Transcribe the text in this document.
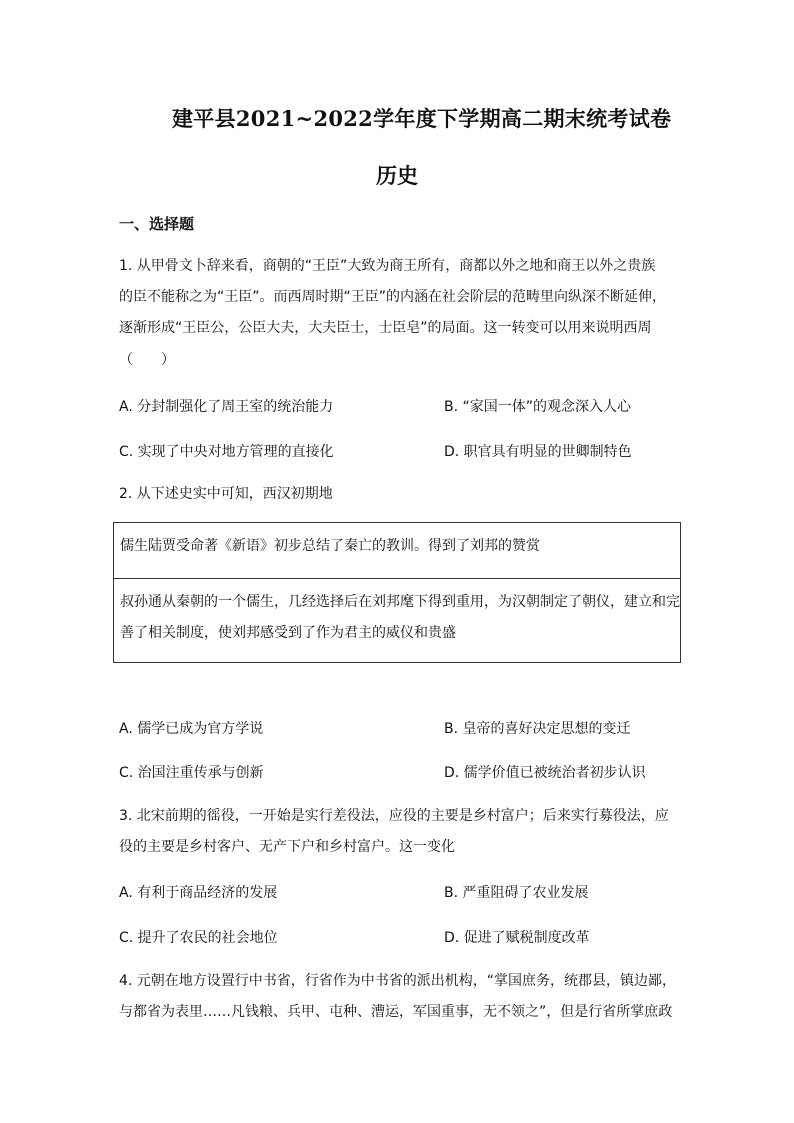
建平县2021~2022学年度下学期高二期末统考试卷
历史
一、选择题
1. 从甲骨文卜辞来看，商朝的“王臣”大致为商王所有，商都以外之地和商王以外之贵族
的臣不能称之为“王臣”。而西周时期“王臣”的内涵在社会阶层的范畴里向纵深不断延伸，
逐渐形成“王臣公，公臣大夫，大夫臣士，士臣皂”的局面。这一转变可以用来说明西周
（　　）
A. 分封制强化了周王室的统治能力	B. “家国一体”的观念深入人心
C. 实现了中央对地方管理的直接化	D. 职官具有明显的世卿制特色
2. 从下述史实中可知，西汉初期地
儒生陆贾受命著《新语》初步总结了秦亡的教训。得到了刘邦的赞赏
叔孙通从秦朝的一个儒生，几经选择后在刘邦麾下得到重用，为汉朝制定了朝仪，建立和完
善了相关制度，使刘邦感受到了作为君主的威仪和贵盛
A. 儒学已成为官方学说	B. 皇帝的喜好决定思想的变迁
C. 治国注重传承与创新	D. 儒学价值已被统治者初步认识
3. 北宋前期的徭役，一开始是实行差役法，应役的主要是乡村富户；后来实行募役法，应
役的主要是乡村客户、无产下户和乡村富户。这一变化
A. 有利于商品经济的发展	B. 严重阻碍了农业发展
C. 提升了农民的社会地位	D. 促进了赋税制度改革
4. 元朝在地方设置行中书省，行省作为中书省的派出机构，“掌国庶务，统郡县，镇边鄙，
与都省为表里……凡钱粮、兵甲、屯种、漕运，军国重事，无不领之”，但是行省所掌庶政
